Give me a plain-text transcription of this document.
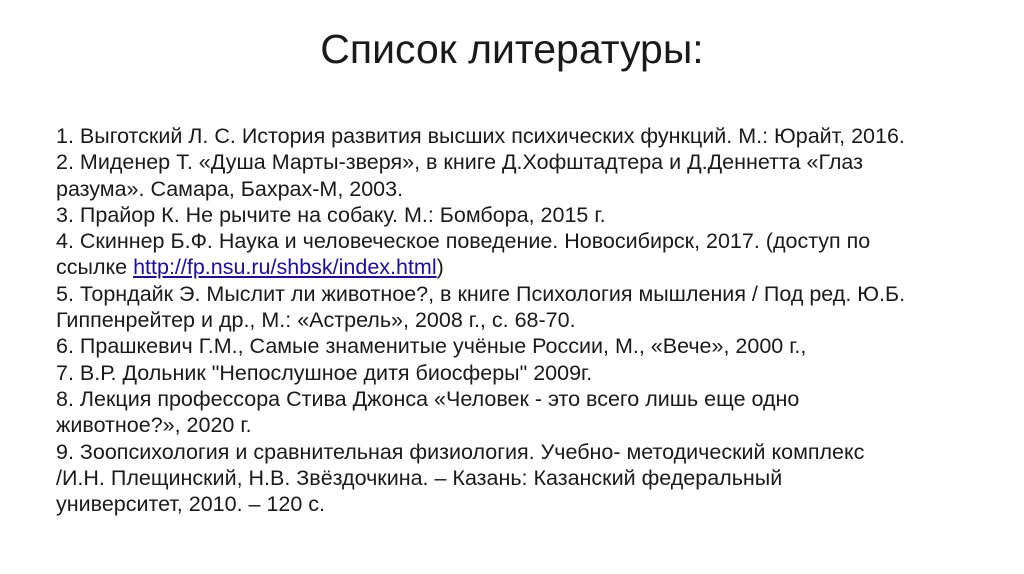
Список литературы:
1. Выготский Л. С. История развития высших психических функций. М.: Юрайт, 2016.
2. Миденер Т. «Душа Марты-зверя», в книге Д.Хофштадтера и Д.Деннетта «Глаз
разума». Самара, Бахрах-М, 2003.
3. Прайор К. Не рычите на собаку. М.: Бомбора, 2015 г.
4. Скиннер Б.Ф. Наука и человеческое поведение. Новосибирск, 2017. (доступ по
ссылке http://fp.nsu.ru/shbsk/index.html)
5. Торндайк Э. Мыслит ли животное?, в книге Психология мышления / Под ред. Ю.Б.
Гиппенрейтер и др., М.: «Астрель», 2008 г., с. 68-70.
6. Прашкевич Г.М., Самые знаменитые учёные России, М., «Вече», 2000 г.,
7. В.Р. Дольник "Непослушное дитя биосферы" 2009г.
8. Лекция профессора Стива Джонса «Человек - это всего лишь еще одно
животное?», 2020 г.
9. Зоопсихология и сравнительная физиология. Учебно- методический комплекс
/И.Н. Плещинский, Н.В. Звёздочкина. – Казань: Казанский федеральный
университет, 2010. – 120 с.
